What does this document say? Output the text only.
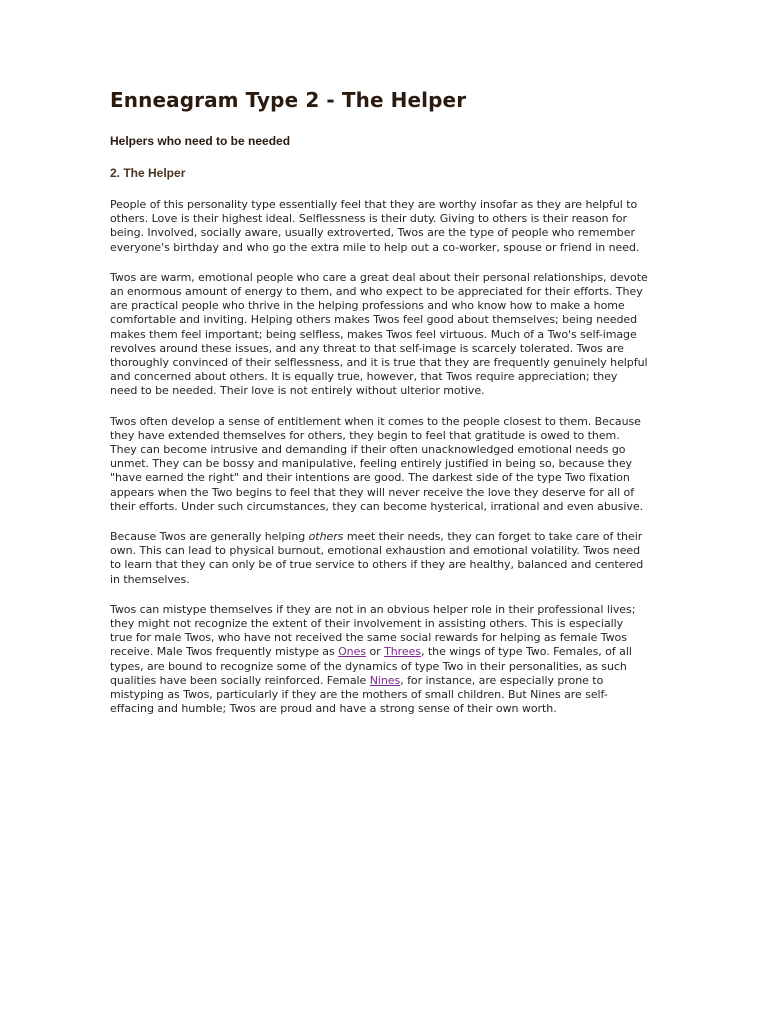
Enneagram Type 2 - The Helper
Helpers who need to be needed
2. The Helper

People of this personality type essentially feel that they are worthy insofar as they are helpful to others. Love is their highest ideal. Selflessness is their duty. Giving to others is their reason for being. Involved, socially aware, usually extroverted, Twos are the type of people who remember everyone's birthday and who go the extra mile to help out a co-worker, spouse or friend in need.

Twos are warm, emotional people who care a great deal about their personal relationships, devote an enormous amount of energy to them, and who expect to be appreciated for their efforts. They are practical people who thrive in the helping professions and who know how to make a home comfortable and inviting. Helping others makes Twos feel good about themselves; being needed makes them feel important; being selfless, makes Twos feel virtuous. Much of a Two's self-image revolves around these issues, and any threat to that self-image is scarcely tolerated. Twos are thoroughly convinced of their selflessness, and it is true that they are frequently genuinely helpful and concerned about others. It is equally true, however, that Twos require appreciation; they need to be needed. Their love is not entirely without ulterior motive.

Twos often develop a sense of entitlement when it comes to the people closest to them. Because they have extended themselves for others, they begin to feel that gratitude is owed to them. They can become intrusive and demanding if their often unacknowledged emotional needs go unmet. They can be bossy and manipulative, feeling entirely justified in being so, because they "have earned the right" and their intentions are good. The darkest side of the type Two fixation appears when the Two begins to feel that they will never receive the love they deserve for all of their efforts. Under such circumstances, they can become hysterical, irrational and even abusive.

Because Twos are generally helping others meet their needs, they can forget to take care of their own. This can lead to physical burnout, emotional exhaustion and emotional volatility. Twos need to learn that they can only be of true service to others if they are healthy, balanced and centered in themselves.

Twos can mistype themselves if they are not in an obvious helper role in their professional lives; they might not recognize the extent of their involvement in assisting others. This is especially true for male Twos, who have not received the same social rewards for helping as female Twos receive. Male Twos frequently mistype as Ones or Threes, the wings of type Two. Females, of all types, are bound to recognize some of the dynamics of type Two in their personalities, as such qualities have been socially reinforced. Female Nines, for instance, are especially prone to mistyping as Twos, particularly if they are the mothers of small children. But Nines are self-effacing and humble; Twos are proud and have a strong sense of their own worth.
